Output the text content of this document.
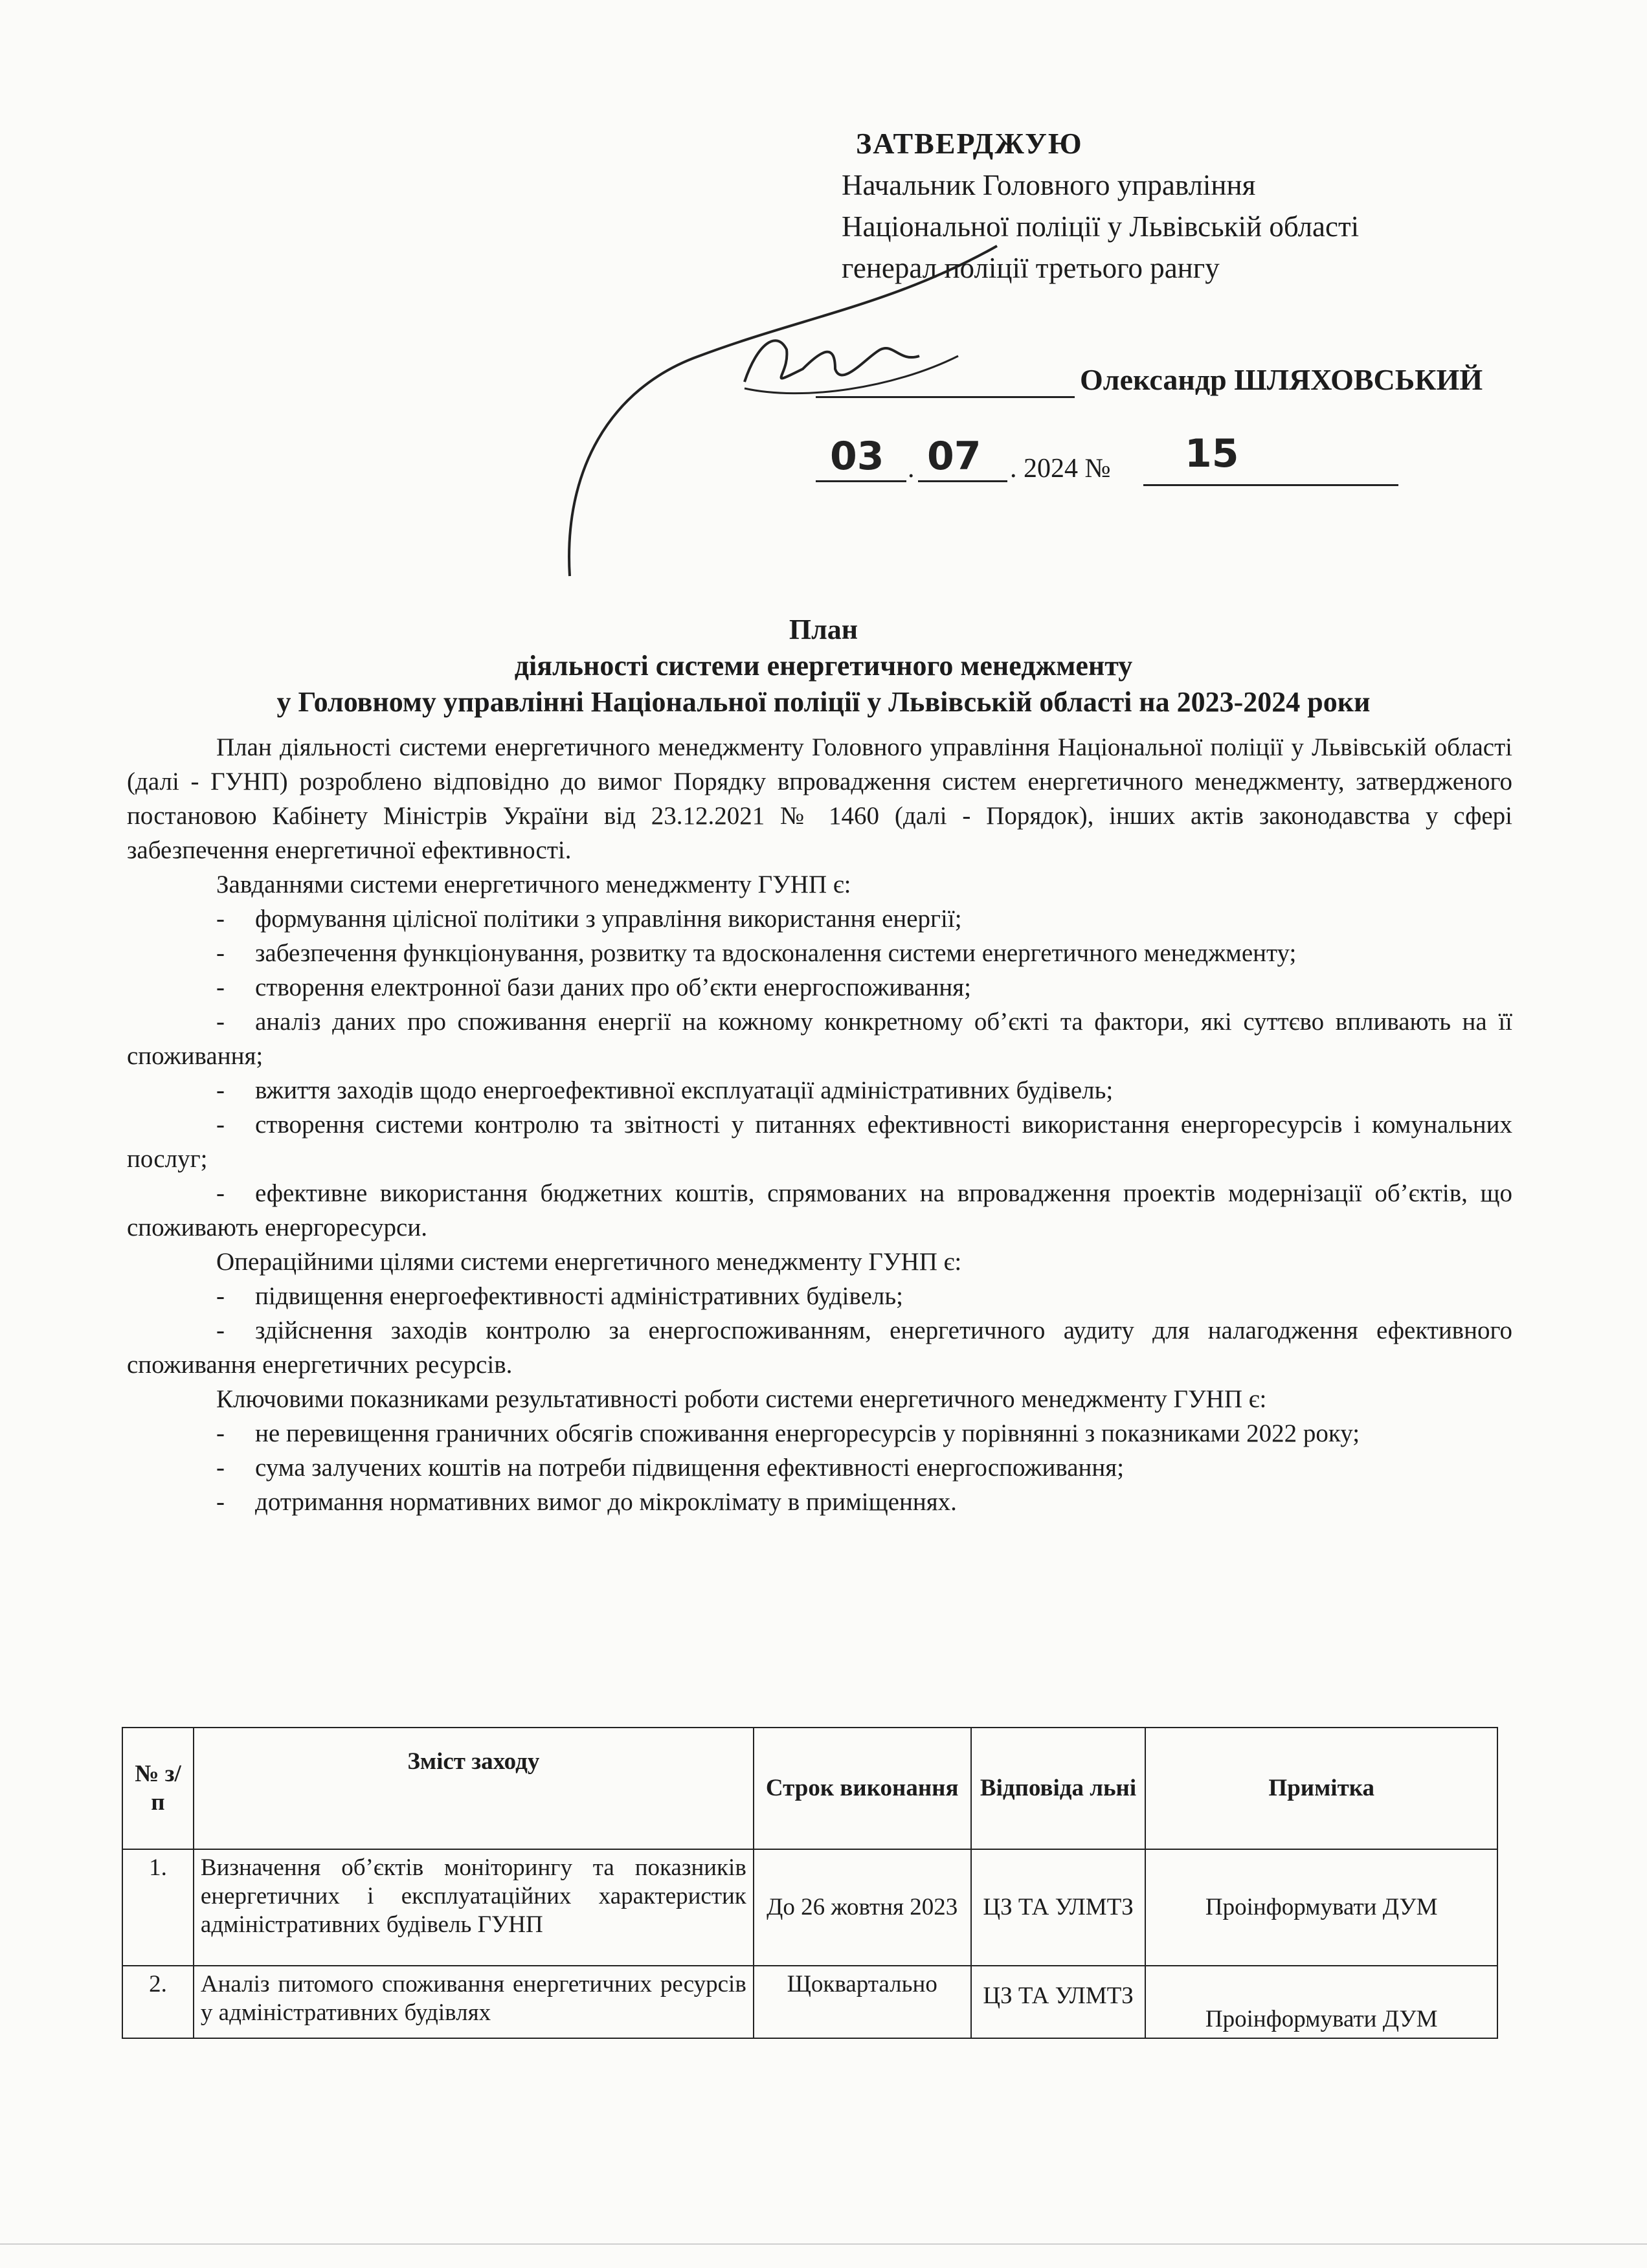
ЗАТВЕРДЖУЮ
Начальник Головного управління
Національної поліції у Львівській області
генерал поліції третього рангу
Олександр ШЛЯХОВСЬКИЙ
03 . 07 . 2024 № 15
План
діяльності системи енергетичного менеджменту
у Головному управлінні Національної поліції у Львівській області на 2023-2024 роки

План діяльності системи енергетичного менеджменту Головного управління Національної поліції у Львівській області (далі - ГУНП) розроблено відповідно до вимог Порядку впровадження систем енергетичного менеджменту, затвердженого постановою Кабінету Міністрів України від 23.12.2021 № 1460 (далі - Порядок), інших актів законодавства у сфері забезпечення енергетичної ефективності.

Завданнями системи енергетичного менеджменту ГУНП є:

- формування цілісної політики з управління використання енергії;

- забезпечення функціонування, розвитку та вдосконалення системи енергетичного менеджменту;

- створення електронної бази даних про об’єкти енергоспоживання;

- аналіз даних про споживання енергії на кожному конкретному об’єкті та фактори, які суттєво впливають на її споживання;

- вжиття заходів щодо енергоефективної експлуатації адміністративних будівель;

- створення системи контролю та звітності у питаннях ефективності використання енергоресурсів і комунальних послуг;

- ефективне використання бюджетних коштів, спрямованих на впровадження проектів модернізації об’єктів, що споживають енергоресурси.

Операційними цілями системи енергетичного менеджменту ГУНП є:

- підвищення енергоефективності адміністративних будівель;

- здійснення заходів контролю за енергоспоживанням, енергетичного аудиту для налагодження ефективного споживання енергетичних ресурсів.

Ключовими показниками результативності роботи системи енергетичного менеджменту ГУНП є:

- не перевищення граничних обсягів споживання енергоресурсів у порівнянні з показниками 2022 року;

- сума залучених коштів на потреби підвищення ефективності енергоспоживання;

- дотримання нормативних вимог до мікроклімату в приміщеннях.

№ з/п	Зміст заходу	Строк виконання	Відповіда льні	Примітка
1.	Визначення об’єктів моніторингу та показників енергетичних і експлуатаційних характеристик адміністративних будівель ГУНП	До 26 жовтня 2023	ЦЗ ТА УЛМТЗ	Проінформувати ДУМ
2.	Аналіз питомого споживання енергетичних ресурсів у адміністративних будівлях	Щоквартально	ЦЗ ТА УЛМТЗ	Проінформувати ДУМ
